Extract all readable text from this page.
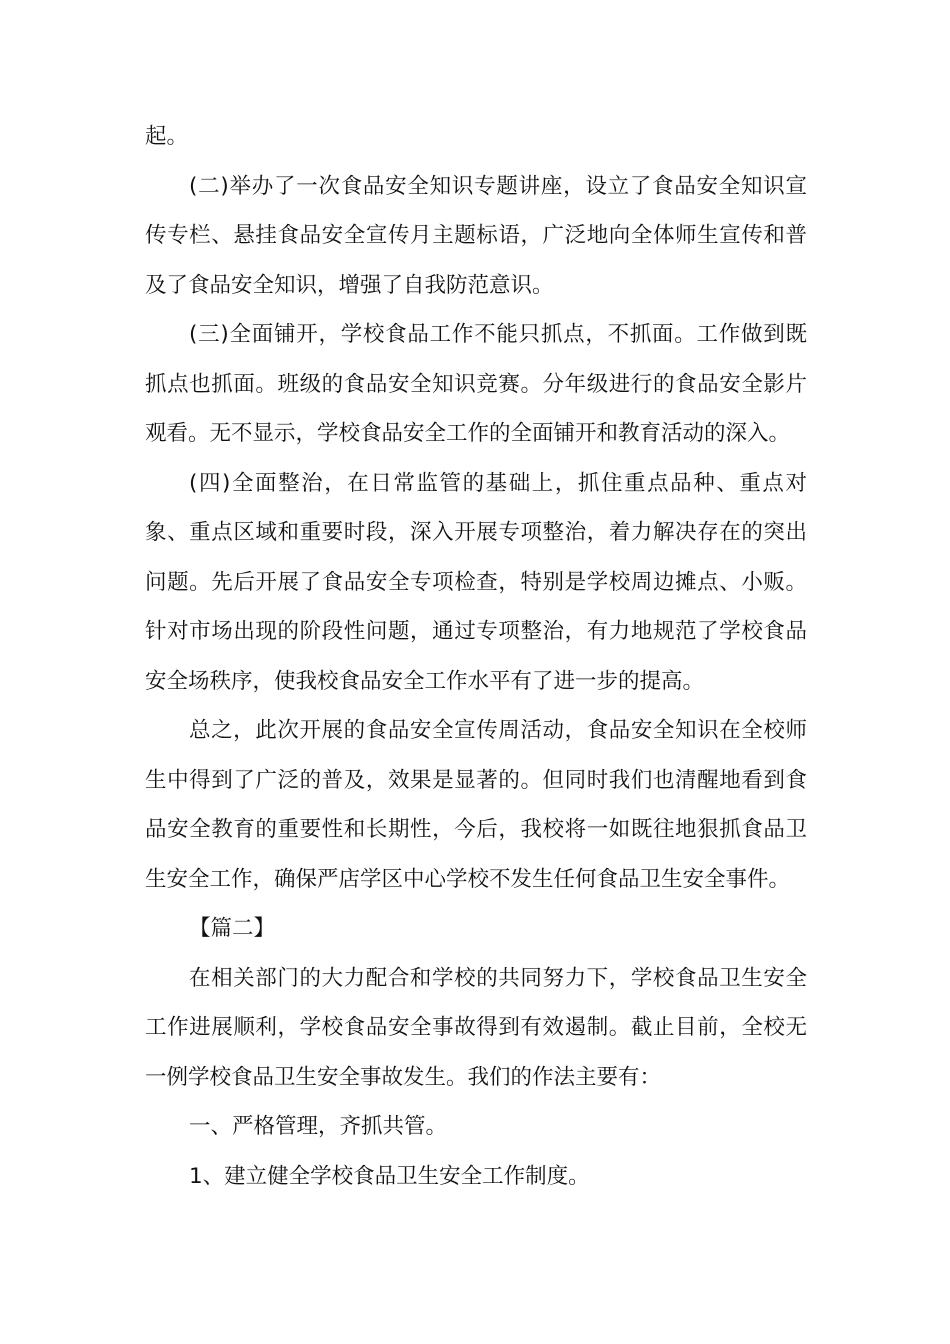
起。

(二)举办了一次食品安全知识专题讲座，设立了食品安全知识宣传专栏、悬挂食品安全宣传月主题标语，广泛地向全体师生宣传和普及了食品安全知识，增强了自我防范意识。

(三)全面铺开，学校食品工作不能只抓点，不抓面。工作做到既抓点也抓面。班级的食品安全知识竞赛。分年级进行的食品安全影片观看。无不显示，学校食品安全工作的全面铺开和教育活动的深入。

(四)全面整治，在日常监管的基础上，抓住重点品种、重点对象、重点区域和重要时段，深入开展专项整治，着力解决存在的突出问题。先后开展了食品安全专项检查，特别是学校周边摊点、小贩。针对市场出现的阶段性问题，通过专项整治，有力地规范了学校食品安全场秩序，使我校食品安全工作水平有了进一步的提高。

总之，此次开展的食品安全宣传周活动，食品安全知识在全校师生中得到了广泛的普及，效果是显著的。但同时我们也清醒地看到食品安全教育的重要性和长期性，今后，我校将一如既往地狠抓食品卫生安全工作，确保严店学区中心学校不发生任何食品卫生安全事件。

【篇二】

在相关部门的大力配合和学校的共同努力下，学校食品卫生安全工作进展顺利，学校食品安全事故得到有效遏制。截止目前，全校无一例学校食品卫生安全事故发生。我们的作法主要有：

一、严格管理，齐抓共管。

1、建立健全学校食品卫生安全工作制度。
